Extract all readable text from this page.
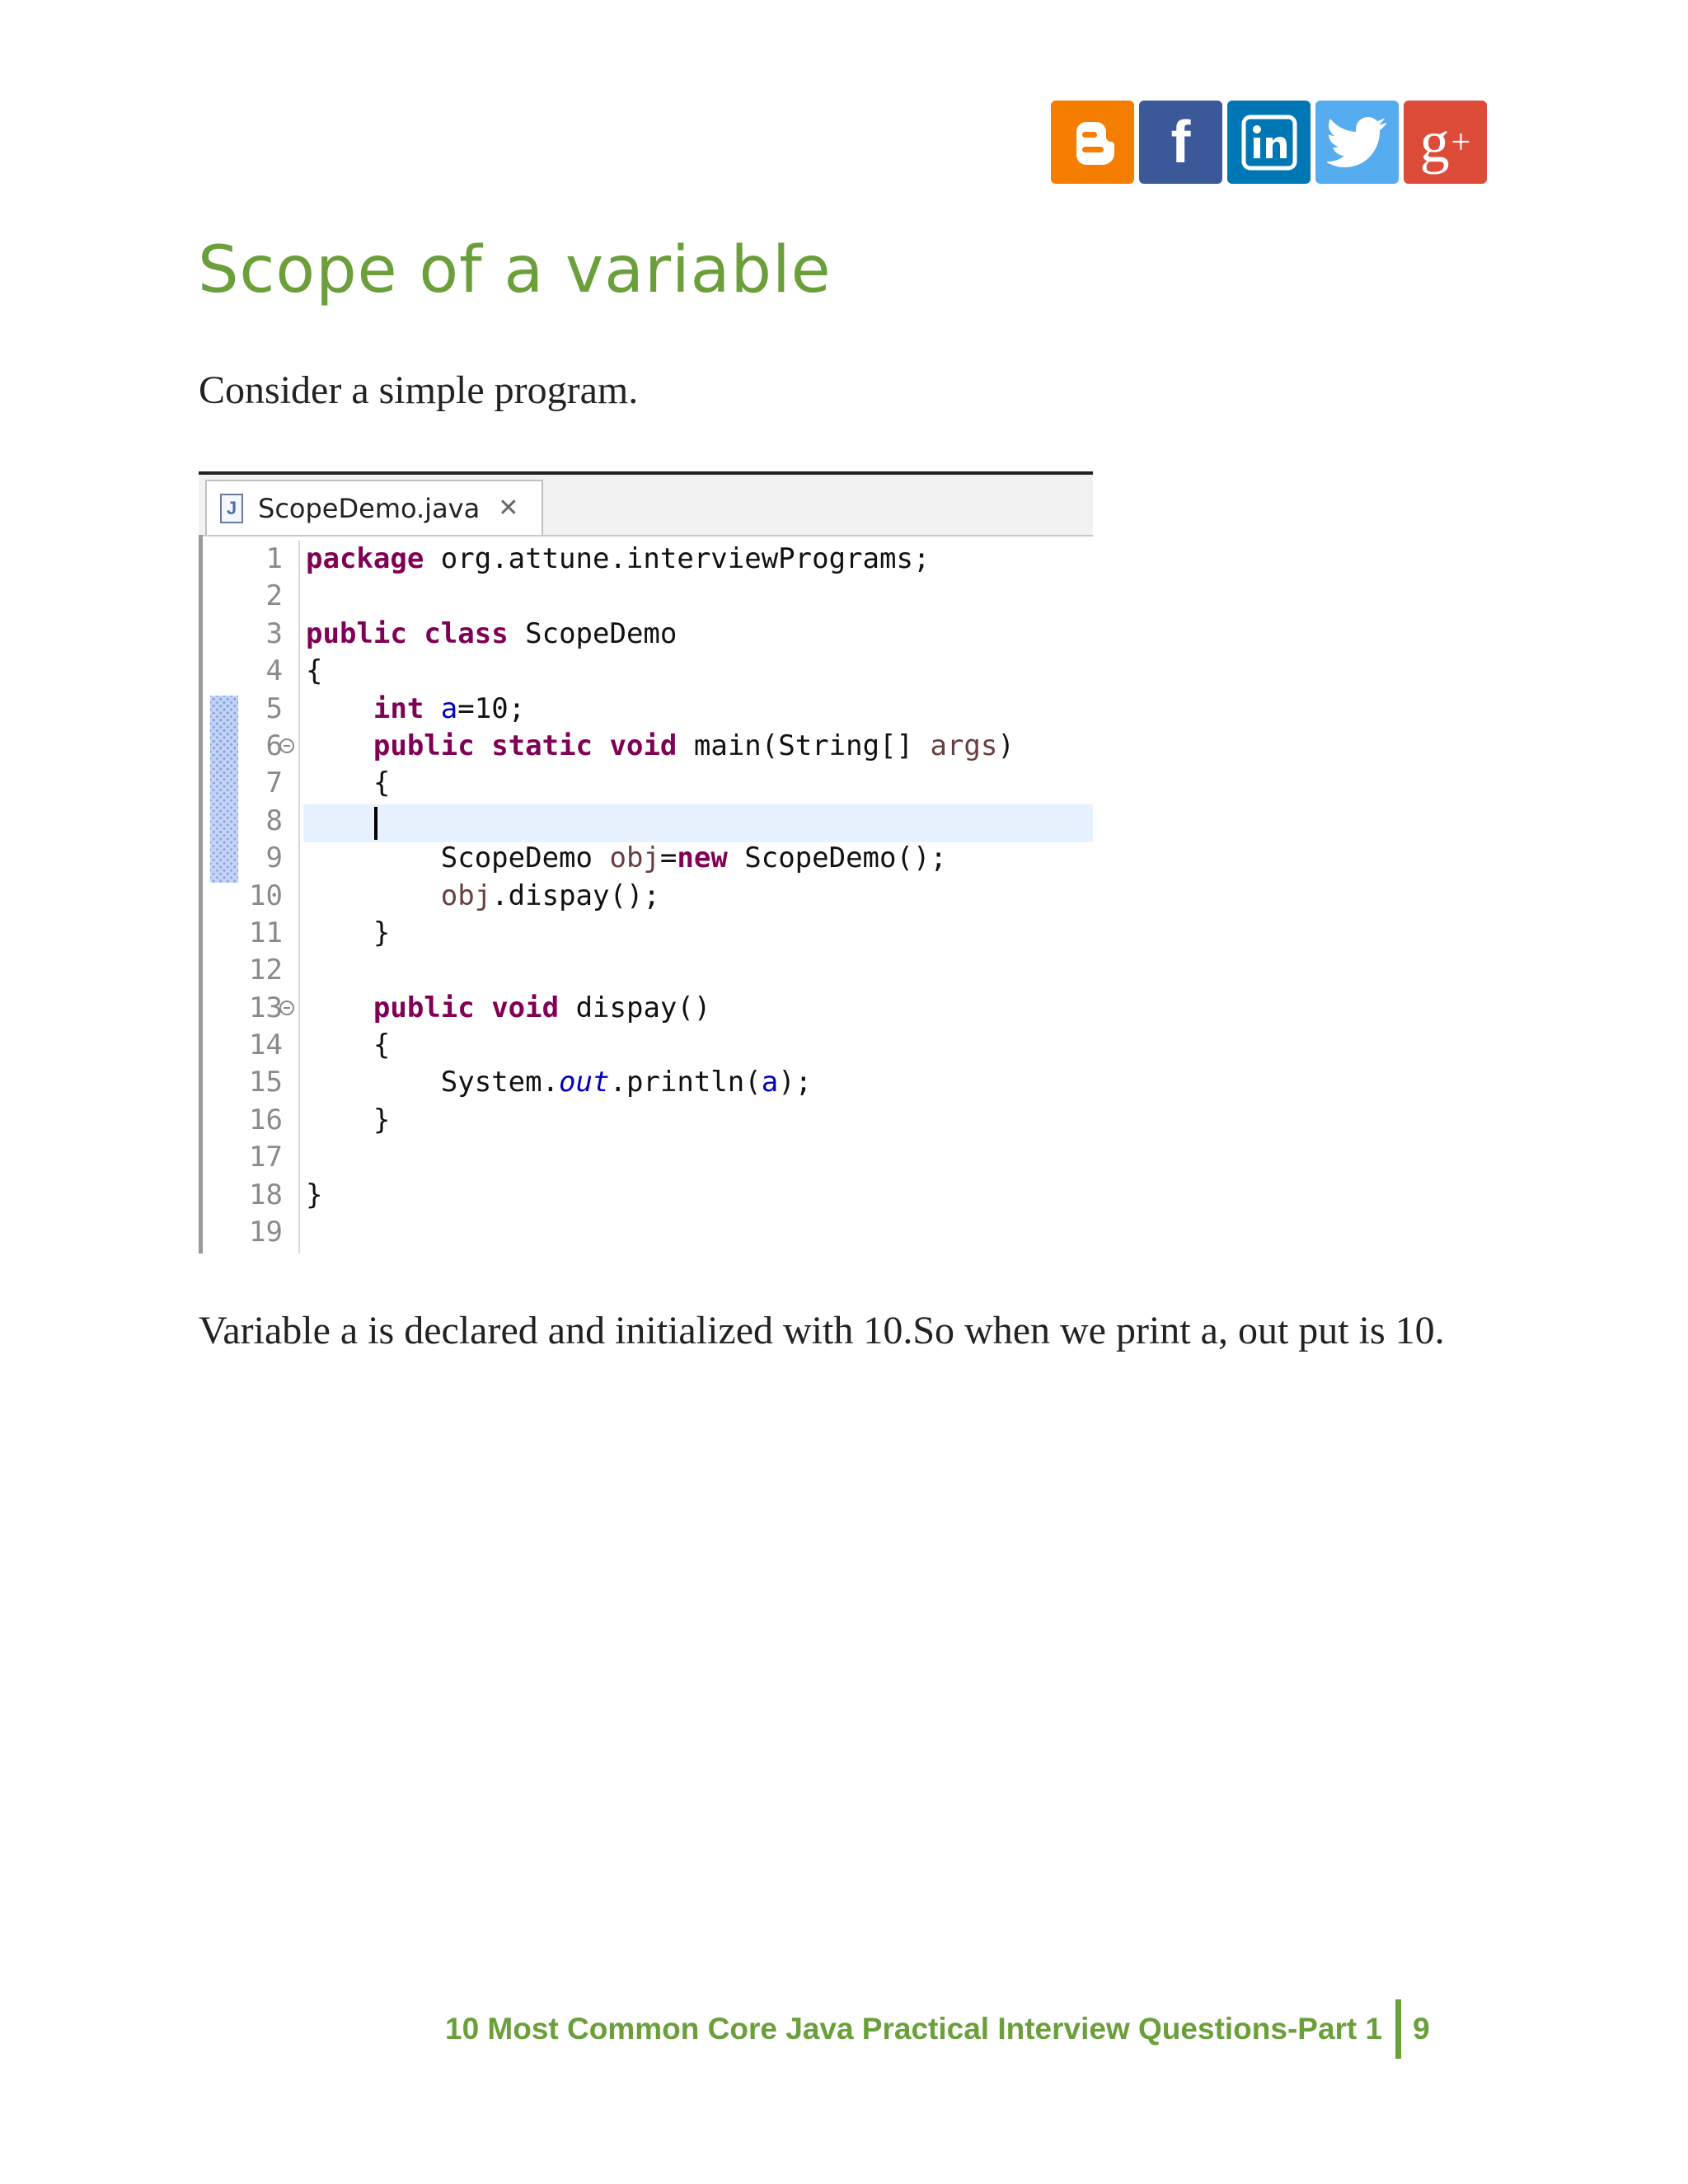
f	g +
Scope of a variable

Consider a simple program.

J ScopeDemo.java ✕
1 package org.attune.interviewPrograms;
2
3 public class ScopeDemo
4 {
5	int a=10;
6	public static void main(String[] args)
7 {
8
9 ScopeDemo obj=new ScopeDemo();
10	obj.dispay();
11 }
12
13	public void dispay()
14 {
15 System.out.println(a);
16 }
17
18 }
19

Variable a is declared and initialized with 10.So when we print a, out put is 10.

10 Most Common Core Java Practical Interview Questions-Part 1 9
